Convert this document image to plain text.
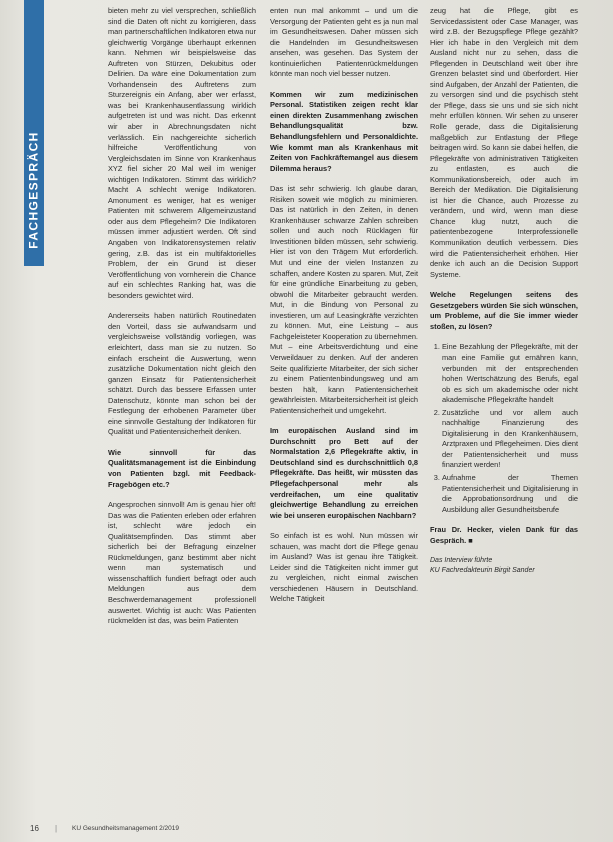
FACHGESPRÄCH

bieten mehr zu viel versprechen, schließlich sind die Daten oft nicht zu korrigieren, dass man partnerschaftlichen Indikatoren etwa nur gleichwertig Vorgänge überhaupt erkennen kann. Nehmen wir beispielsweise das Auftreten von Stürzen, Dekubitus oder Delirien. Da wäre eine Dokumentation zum Vorhandensein des Auftretens zum Sturzereignis ein Anfang, aber wer erfasst, was bei Krankenhausentlassung wirklich aufgetreten ist und was nicht. Das erkennt wir aber in Abrechnungsdaten nicht verlässlich. Ein nachgereichte sicherlich hilfreiche Veröffentlichung von Vergleichsdaten im Sinne von Krankenhaus XYZ fiel sicher 20 Mal weil im weniger wichtigen Indikatoren. Stimmt das wirklich? Macht A schlecht wenige Indikatoren. Amonument es weniger, hat es weniger Patienten mit schwerem Allgemeinzustand oder aus dem Pflegeheim? Die Indikatoren müssen immer adjustiert werden. Oft sind Angaben von Indikatorensystemen relativ gering, z.B. das ist ein multifaktorielles Problem, der ein Grund ist dieser Veröffentlichung von vornherein die Chance auf ein schlechtes Ranking hat, was die besonders gewichtet wird.

Andererseits haben natürlich Routinedaten den Vorteil, dass sie aufwandsarm und vergleichsweise vollständig vorliegen, was erleichtert, dass man sie zu nutzen. So einfach erscheint die Auswertung, wenn zusätzliche Dokumentation nicht gleich den ganzen Einsatz für Patientensicherheit schätzt. Durch das bessere Erfassen unter Datenschutz, könnte man schon bei der Festlegung der erhobenen Parameter über eine sinnvolle Gestaltung der Indikatoren für Qualität und Patientensicherheit denken.

Wie sinnvoll für das Qualitätsmanagement ist die Einbindung von Patienten bzgl. mit Feedback-Fragebögen etc.?

Angesprochen sinnvoll! Am is genau hier oft! Das was die Patienten erleben oder erfahren ist, schlecht wäre jedoch ein Qualitätsempfinden. Das stimmt aber sicherlich bei der Befragung einzelner Rückmeldungen, ganz bestimmt aber nicht wenn man systematisch und wissenschaftlich fundiert befragt oder auch Meldungen aus dem Beschwerdemanagement professionell auswertet. Wichtig ist auch: Was Patienten rückmelden ist das, was beim Patienten

enten nun mal ankommt – und um die Versorgung der Patienten geht es ja nun mal im Gesundheitswesen. Daher müssen sich die Handelnden im Gesundheitswesen ansehen, was gesehen. Das System der kontinuierlichen Patientenrückmeldungen könnte man noch viel besser nutzen.

Kommen wir zum medizinischen Personal. Statistiken zeigen recht klar einen direkten Zusammenhang zwischen Behandlungsqualität bzw. Behandlungsfehlern und Personaldichte. Wie kommt man als Krankenhaus mit Zeiten von Fachkräftemangel aus diesem Dilemma heraus?

Das ist sehr schwierig. Ich glaube daran, Risiken soweit wie möglich zu minimieren. Das ist natürlich in den Zeiten, in denen Krankenhäuser schwarze Zahlen schreiben sollen und auch noch Rücklagen für Investitionen bilden müssen, sehr schwierig. Hier ist von den Trägern Mut erforderlich. Mut und eine der vielen Instanzen zu schaffen, andere Kosten zu sparen. Mut, Zeit für eine gründliche Einarbeitung zu geben, obwohl die Mitarbeiter gebraucht werden. Mut, in die Bindung von Personal zu investieren, um auf Leasingkräfte verzichten zu können. Mut, eine Leistung – aus Fachgeleisteter Kooperation zu übernehmen. Mut – eine Arbeitsverdichtung und eine Verweildauer zu denken. Auf der anderen Seite qualifizierte Mitarbeiter, der sich sicher zu einem Patientenbindungsweg und am besten hält, kann Patientensicherheit gewährleisten. Mitarbeitersicherheit ist gleich Patientensicherheit und umgekehrt.

Im europäischen Ausland sind im Durchschnitt pro Bett auf der Normalstation 2,6 Pflegekräfte aktiv, in Deutschland sind es durchschnittlich 0,8 Pflegekräfte. Das heißt, wir müssten das Pflegefachpersonal mehr als verdreifachen, um eine qualitativ gleichwertige Behandlung zu erreichen wie bei unseren europäischen Nachbarn?

So einfach ist es wohl. Nun müssen wir schauen, was macht dort die Pflege genau im Ausland? Was ist genau ihre Tätigkeit. Leider sind die Tätigkeiten nicht immer gut zu vergleichen, nicht einmal zwischen verschiedenen Häusern in Deutschland. Welche Tätigkeit

zeug hat die Pflege, gibt es Servicedassistent oder Case Manager, was wird z.B. der Bezugspflege Pflege gezählt? Hier ich habe in den Vergleich mit dem Ausland nicht nur zu sehen, dass die Pflegenden in Deutschland weit über ihre Grenzen belastet sind und überfordert. Hier sind Aufgaben, der Anzahl der Patienten, die zu versorgen sind und die psychisch steht der Pflege, dass sie uns und sie sich nicht mehr erfüllen können. Wir sehen zu unserer Rolle gerade, dass die Digitalisierung maßgeblich zur Entlastung der Pflege beitragen wird. So kann sie dabei helfen, die Pflegekräfte von administrativen Tätigkeiten zu entlasten, es auch die Kommunikationsbereich, oder auch im Bereich der Medikation. Die Digitalisierung ist hier die Chance, auch Prozesse zu verändern, und wird, wenn man diese Chance klug nutzt, auch die patientenbezogene Interprofessionelle Kommunikation deutlich verbessern. Dies wird die Patientensicherheit erhöhen. Hier denke ich auch an die Decision Support Systeme.

Welche Regelungen seitens des Gesetzgebers würden Sie sich wünschen, um Probleme, auf die Sie immer wieder stoßen, zu lösen?

1. Eine Bezahlung der Pflegekräfte, mit der man eine Familie gut ernähren kann, verbunden mit der entsprechenden hohen Wertschätzung des Berufs, egal ob es sich um akademische oder nicht akademische Pflegekräfte handelt
2. Zusätzliche und vor allem auch nachhaltige Finanzierung des Digitalisierung in den Krankenhäusern, Arztpraxen und Pflegeheimen. Dies dient der Patientensicherheit und muss finanziert werden!
3. Aufnahme der Themen Patientensicherheit und Digitalisierung in die Approbationsordnung und die Ausbildung aller Gesundheitsberufe

Frau Dr. Hecker, vielen Dank für das Gespräch. ■

Das Interview führte
KU Fachredakteurin Birgit Sander
16 | KU Gesundheitsmanagement 2/2019
